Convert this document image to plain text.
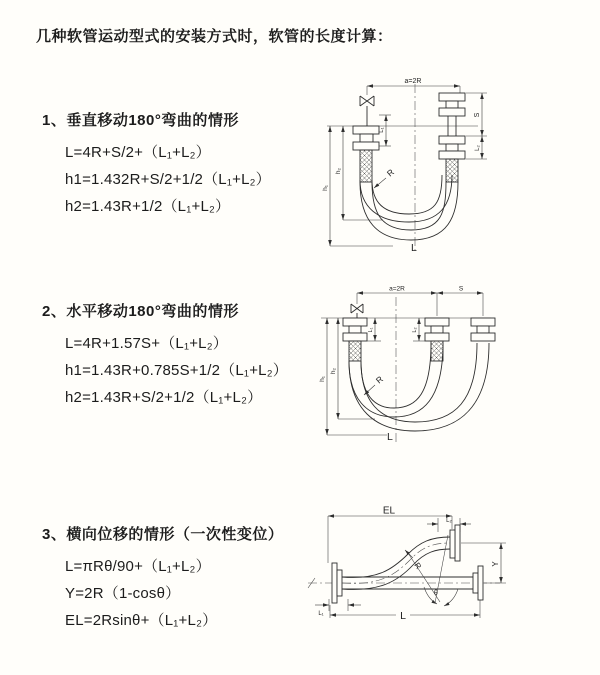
几种软管运动型式的安装方式时，软管的长度计算：
1、垂直移动180°弯曲的情形
L=4R+S/2+（L₁+L₂）
h1=1.432R+S/2+1/2（L₁+L₂）
h2=1.43R+1/2（L₁+L₂）
2、水平移动180°弯曲的情形
L=4R+1.57S+（L₁+L₂）
h1=1.43R+0.785S+1/2（L₁+L₂）
h2=1.43R+S/2+1/2（L₁+L₂）
3、横向位移的情形（一次性变位）
L=πRθ/90+（L₁+L₂）
Y=2R（1-cosθ）
EL=2Rsinθ+（L₁+L₂）
a=2R
S
L₂
L₁
h₁
h₂	R
L
a=2R	S
L₁	L₂
h₁
h₂
R
L
EL
L₂
θ
Y
R
L₁	L
